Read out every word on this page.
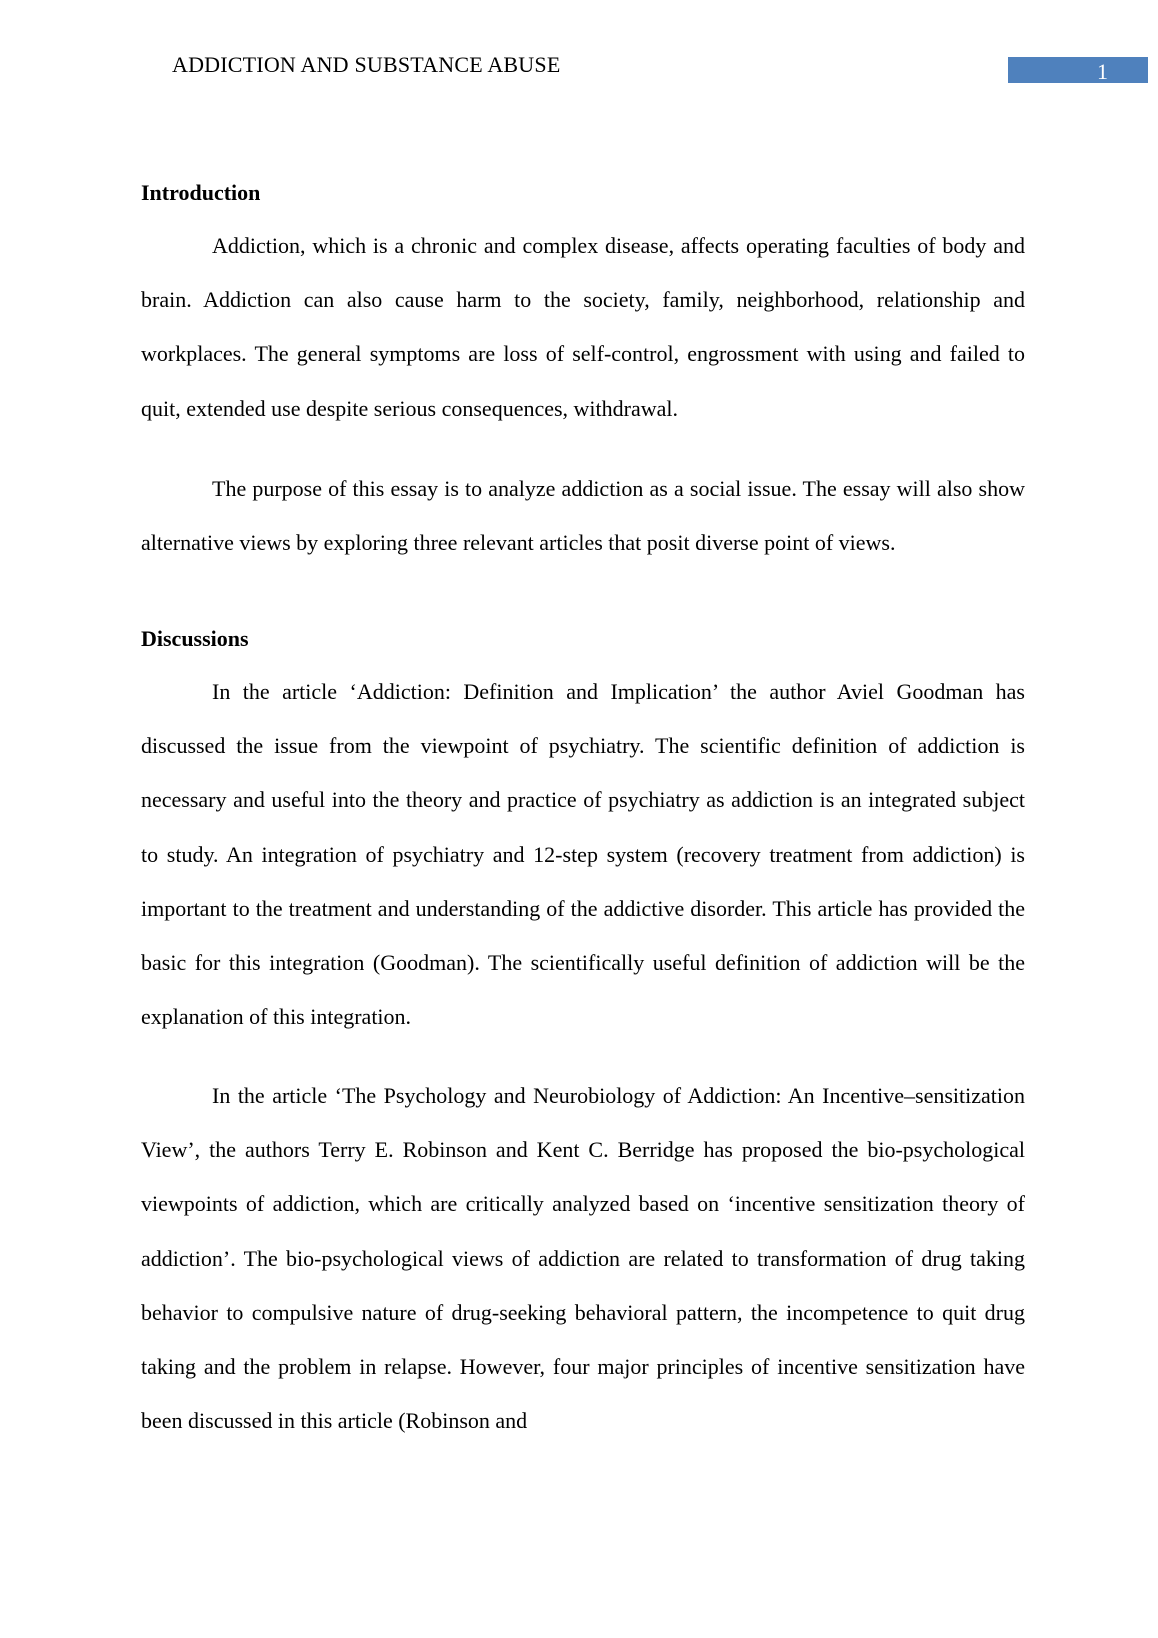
ADDICTION AND SUBSTANCE ABUSE	1
Introduction

Addiction, which is a chronic and complex disease, affects operating faculties of body and brain. Addiction can also cause harm to the society, family, neighborhood, relationship and workplaces. The general symptoms are loss of self-control, engrossment with using and failed to quit, extended use despite serious consequences, withdrawal.

The purpose of this essay is to analyze addiction as a social issue. The essay will also show alternative views by exploring three relevant articles that posit diverse point of views.

Discussions

In the article ‘Addiction: Definition and Implication’ the author Aviel Goodman has discussed the issue from the viewpoint of psychiatry. The scientific definition of addiction is necessary and useful into the theory and practice of psychiatry as addiction is an integrated subject to study. An integration of psychiatry and 12-step system (recovery treatment from addiction) is important to the treatment and understanding of the addictive disorder. This article has provided the basic for this integration (Goodman). The scientifically useful definition of addiction will be the explanation of this integration.

In the article ‘The Psychology and Neurobiology of Addiction: An Incentive–sensitization View’, the authors Terry E. Robinson and Kent C. Berridge has proposed the bio-psychological viewpoints of addiction, which are critically analyzed based on ‘incentive sensitization theory of addiction’. The bio-psychological views of addiction are related to transformation of drug taking behavior to compulsive nature of drug-seeking behavioral pattern, the incompetence to quit drug taking and the problem in relapse. However, four major principles of incentive sensitization have been discussed in this article (Robinson and
